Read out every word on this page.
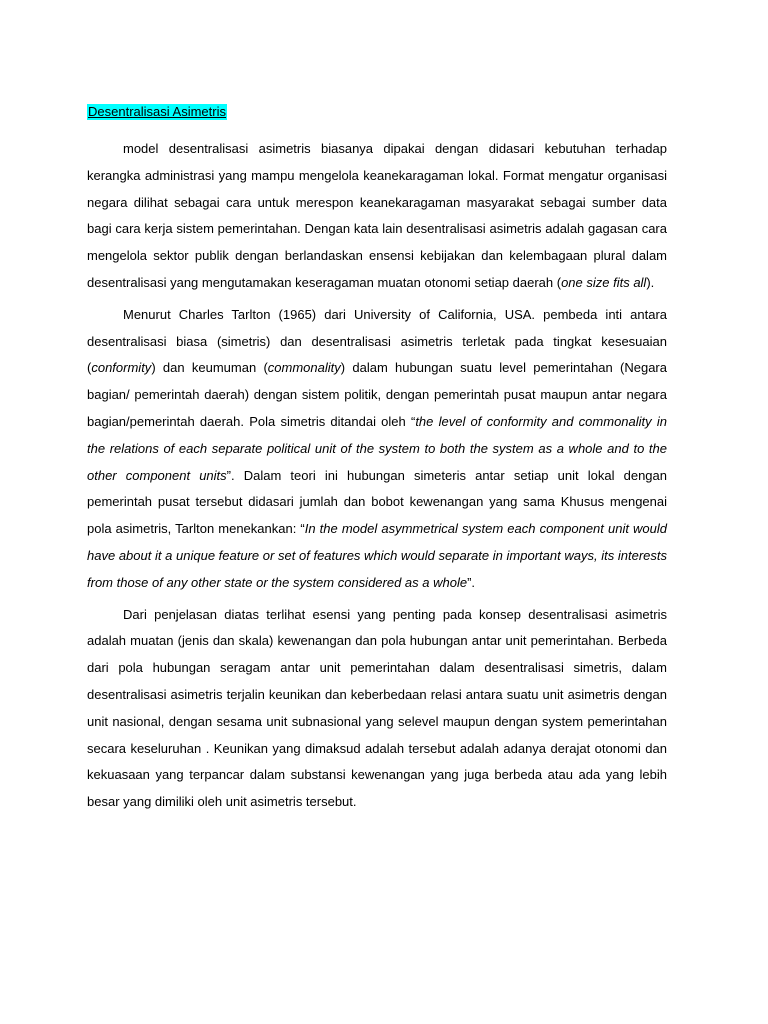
Desentralisasi Asimetris

model desentralisasi asimetris biasanya dipakai dengan didasari kebutuhan terhadap kerangka administrasi yang mampu mengelola keanekaragaman lokal. Format mengatur organisasi negara dilihat sebagai cara untuk merespon keanekaragaman masyarakat sebagai sumber data bagi cara kerja sistem pemerintahan. Dengan kata lain desentralisasi asimetris adalah gagasan cara mengelola sektor publik dengan berlandaskan ensensi kebijakan dan kelembagaan plural dalam desentralisasi yang mengutamakan keseragaman muatan otonomi setiap daerah (one size fits all).

Menurut Charles Tarlton (1965) dari University of California, USA. pembeda inti antara desentralisasi biasa (simetris) dan desentralisasi asimetris terletak pada tingkat kesesuaian (conformity) dan keumuman (commonality) dalam hubungan suatu level pemerintahan (Negara bagian/ pemerintah daerah) dengan sistem politik, dengan pemerintah pusat maupun antar negara bagian/pemerintah daerah. Pola simetris ditandai oleh “the level of conformity and commonality in the relations of each separate political unit of the system to both the system as a whole and to the other component units”. Dalam teori ini hubungan simeteris antar setiap unit lokal dengan pemerintah pusat tersebut didasari jumlah dan bobot kewenangan yang sama Khusus mengenai pola asimetris, Tarlton menekankan: “In the model asymmetrical system each component unit would have about it a unique feature or set of features which would separate in important ways, its interests from those of any other state or the system considered as a whole”.

Dari penjelasan diatas terlihat esensi yang penting pada konsep desentralisasi asimetris adalah muatan (jenis dan skala) kewenangan dan pola hubungan antar unit pemerintahan. Berbeda dari pola hubungan seragam antar unit pemerintahan dalam desentralisasi simetris, dalam desentralisasi asimetris terjalin keunikan dan keberbedaan relasi antara suatu unit asimetris dengan unit nasional, dengan sesama unit subnasional yang selevel maupun dengan system pemerintahan secara keseluruhan . Keunikan yang dimaksud adalah tersebut adalah adanya derajat otonomi dan kekuasaan yang terpancar dalam substansi kewenangan yang juga berbeda atau ada yang lebih besar yang dimiliki oleh unit asimetris tersebut.
